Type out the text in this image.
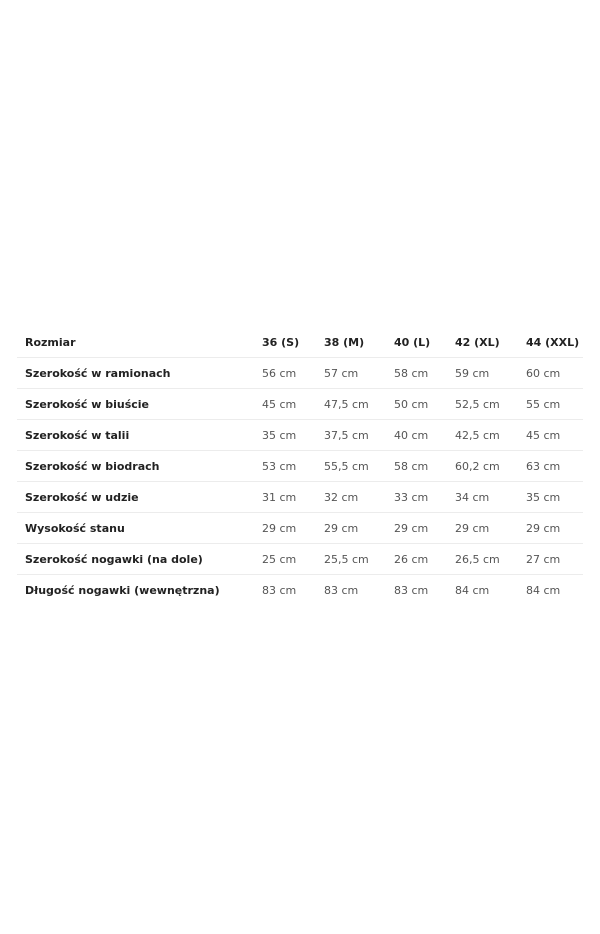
Rozmiar	36 (S)	38 (M)	40 (L)	42 (XL)	44 (XXL)
Szerokość w ramionach	56 cm	57 cm	58 cm	59 cm	60 cm
Szerokość w biuście	45 cm	47,5 cm	50 cm	52,5 cm	55 cm
Szerokość w talii	35 cm	37,5 cm	40 cm	42,5 cm	45 cm
Szerokość w biodrach	53 cm	55,5 cm	58 cm	60,2 cm	63 cm
Szerokość w udzie	31 cm	32 cm	33 cm	34 cm	35 cm
Wysokość stanu	29 cm	29 cm	29 cm	29 cm	29 cm
Szerokość nogawki (na dole)	25 cm	25,5 cm	26 cm	26,5 cm	27 cm
Długość nogawki (wewnętrzna)	83 cm	83 cm	83 cm	84 cm	84 cm
